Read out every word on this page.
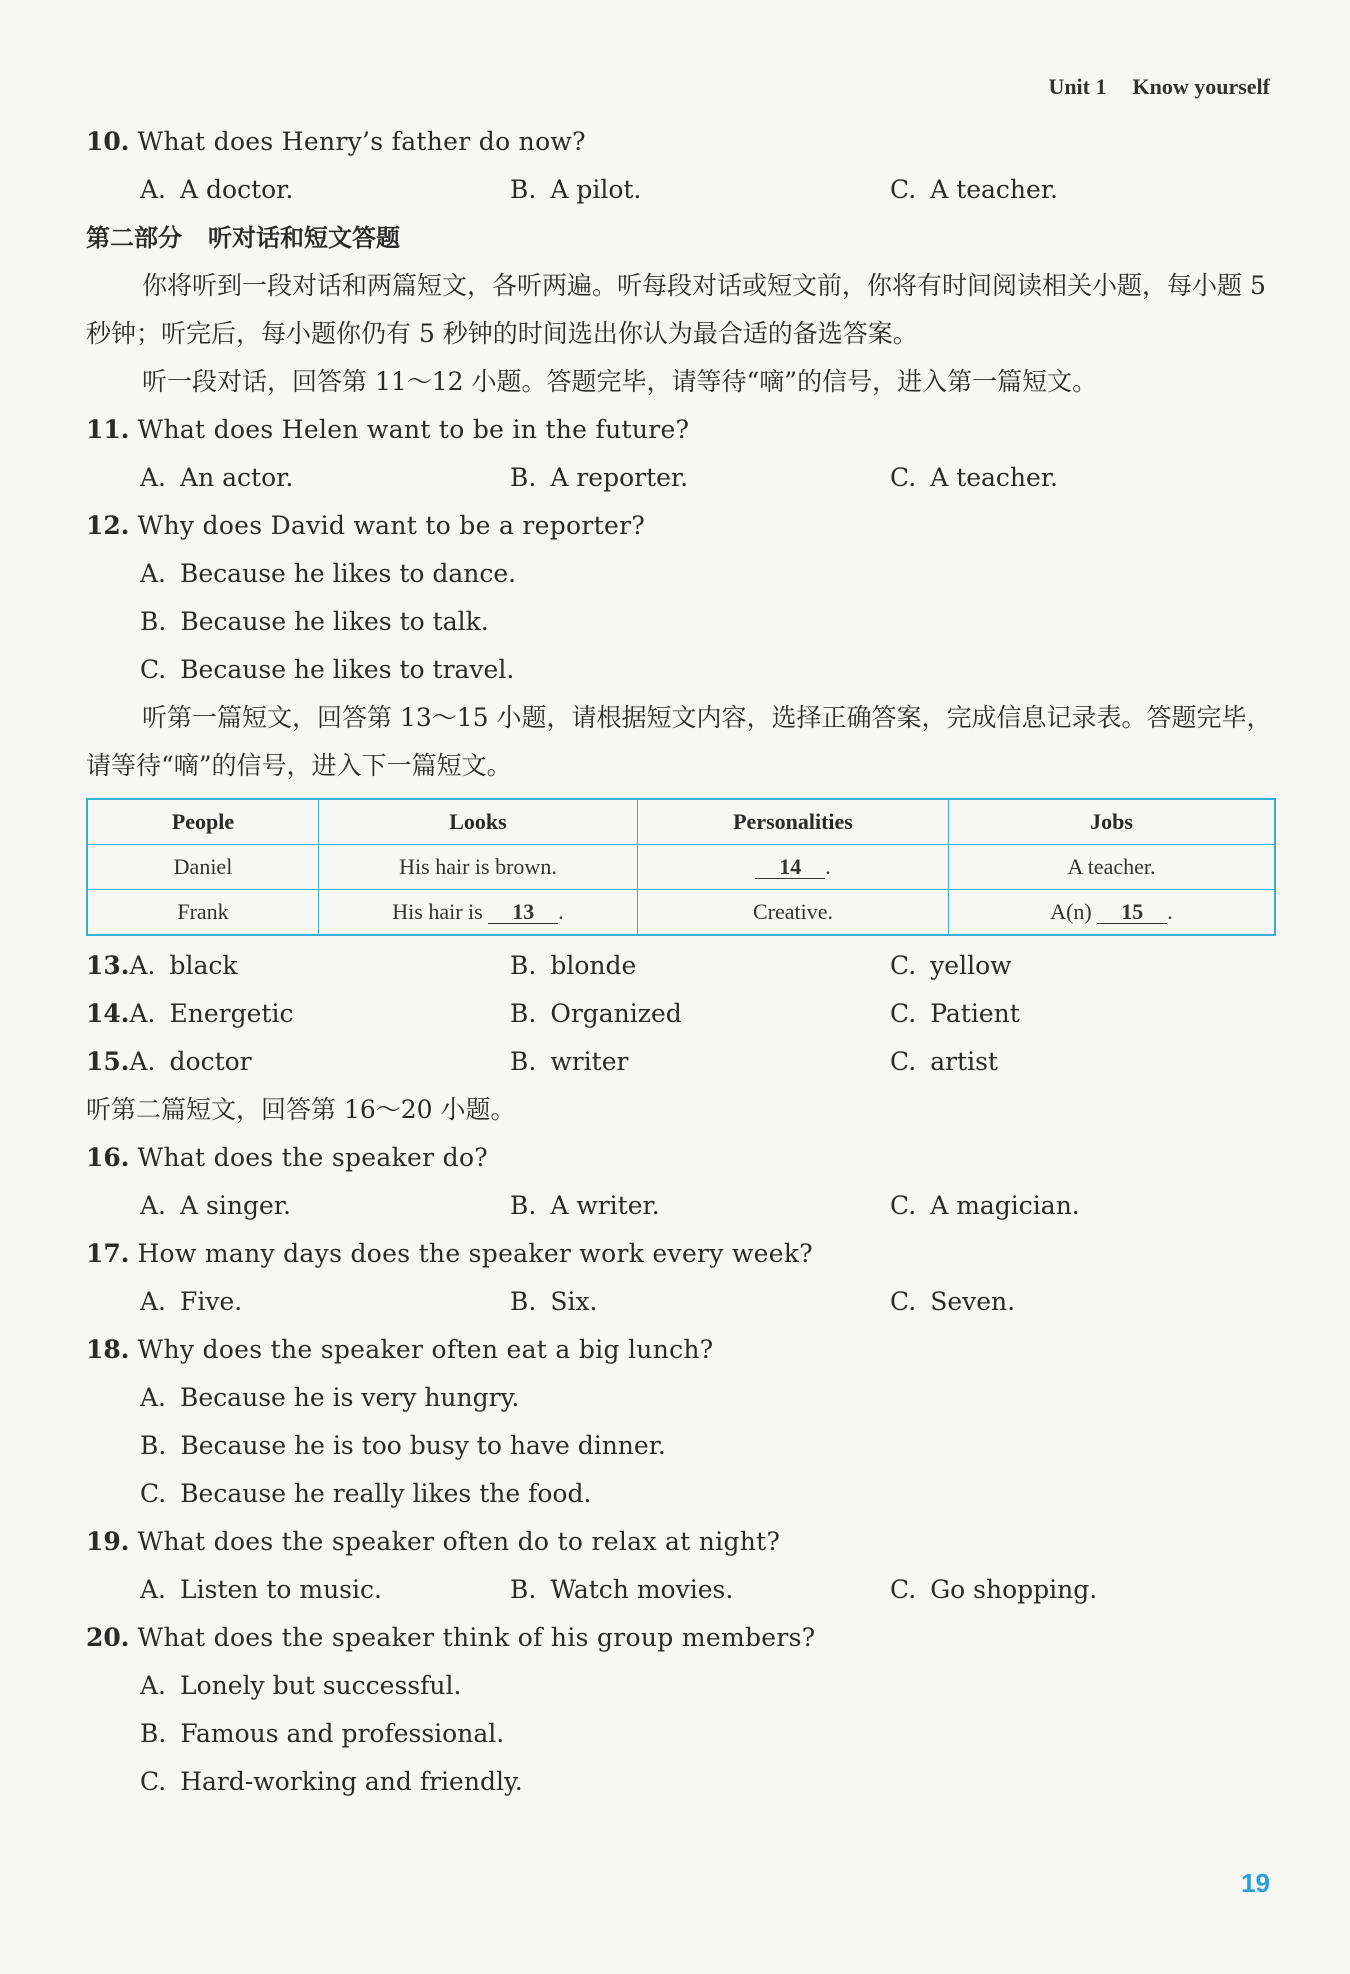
Unit 1 Know yourself
10. What does Henry’s father do now?
A. A doctor.	B. A pilot.	C. A teacher.
第二部分 听对话和短文答题
你将听到一段对话和两篇短文，各听两遍。听每段对话或短文前，你将有时间阅读相关小题，每小题 5 秒钟；听完后，每小题你仍有 5 秒钟的时间选出你认为最合适的备选答案。
听一段对话，回答第 11～12 小题。答题完毕，请等待“嘀”的信号，进入第一篇短文。
11. What does Helen want to be in the future?
A. An actor.	B. A reporter.	C. A teacher.
12. Why does David want to be a reporter?
A. Because he likes to dance.
B. Because he likes to talk.
C. Because he likes to travel.
听第一篇短文，回答第 13～15 小题，请根据短文内容，选择正确答案，完成信息记录表。答题完毕，请等待“嘀”的信号，进入下一篇短文。
People	Looks	Personalities	Jobs
Daniel	His hair is brown.	14 .	A teacher.
Frank	His hair is 13 .	Creative.	A(n) 15 .
13.A. black	B. blonde	C. yellow
14.A. Energetic	B. Organized	C. Patient
15.A. doctor	B. writer	C. artist
听第二篇短文，回答第 16～20 小题。
16. What does the speaker do?
A. A singer.	B. A writer.	C. A magician.
17. How many days does the speaker work every week?
A. Five.	B. Six.	C. Seven.
18. Why does the speaker often eat a big lunch?
A. Because he is very hungry.
B. Because he is too busy to have dinner.
C. Because he really likes the food.
19. What does the speaker often do to relax at night?
A. Listen to music.	B. Watch movies.	C. Go shopping.
20. What does the speaker think of his group members?
A. Lonely but successful.
B. Famous and professional.
C. Hard-working and friendly.
19
